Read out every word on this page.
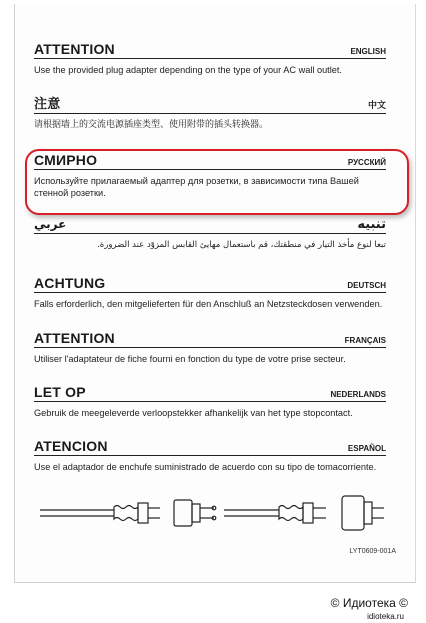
ATTENTION	ENGLISH
Use the provided plug adapter depending on the type of your AC wall outlet.
注意	中文
请根据墙上的交流电源插座类型、使用附带的插头转换器。
СМИРНО	РУССКИЙ
Используйте прилагаемый адаптер для розетки, в зависимости типа Вашей стенной розетки.
تنبيه
عربي
تبعا لنوع مأخذ التيار في منطقتك، قم باستعمال مهايئ القابس المزوّد عند الضرورة.
ACHTUNG	DEUTSCH
Falls erforderlich, den mitgelieferten für den Anschluß an Netzsteckdosen verwenden.
ATTENTION	FRANÇAIS
Utiliser l'adaptateur de fiche fourni en fonction du type de votre prise secteur.
LET OP	NEDERLANDS
Gebruik de meegeleverde verloopstekker afhankelijk van het type stopcontact.
ATENCION	ESPAÑOL
Use el adaptador de enchufe suministrado de acuerdo con su tipo de tomacorriente.
LYT0609-001A
© Идиотека ©
idioteka.ru
